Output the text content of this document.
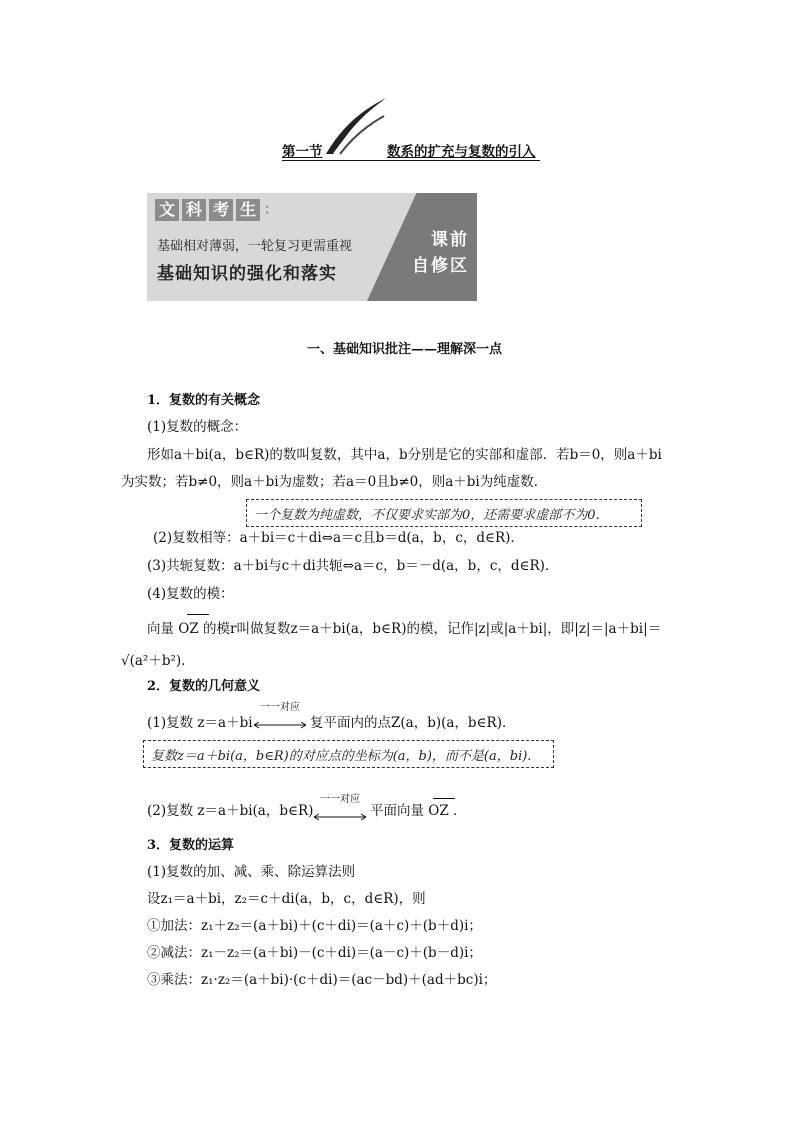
第一节	数系的扩充与复数的引入
文 科 考 生 ：
基础相对薄弱，一轮复习更需重视
基础知识的强化和落实
课前
自修区
一、基础知识批注——理解深一点
1．复数的有关概念
(1)复数的概念：
形如a＋bi(a，b∈R)的数叫复数，其中a，b分别是它的实部和虚部．若b＝0，则a＋bi
为实数；若b≠0，则a＋bi为虚数；若a＝0且b≠0，则a＋bi为纯虚数．
一个复数为纯虚数，不仅要求实部为0，还需要求虚部不为0.
(2)复数相等：a＋bi＝c＋di⇔a＝c且b＝d(a，b，c，d∈R)．
(3)共轭复数：a＋bi与c＋di共轭⇔a＝c，b＝－d(a，b，c，d∈R)．
(4)复数的模：
向量 OZ 的模r叫做复数z＝a＋bi(a，b∈R)的模，记作|z|或|a＋bi|，即|z|＝|a＋bi|＝
√(a²＋b²).
2．复数的几何意义
(1)复数 z＝a＋bi
一一对应
复平面内的点Z(a，b)(a，b∈R)．
复数z＝a＋bi(a，b∈R)的对应点的坐标为(a，b)，而不是(a，bi).
(2)复数 z＝a＋bi(a，b∈R)
一一对应
平面向量 OZ ．
3．复数的运算
(1)复数的加、减、乘、除运算法则
设z₁＝a＋bi，z₂＝c＋di(a，b，c，d∈R)，则
①加法：z₁＋z₂＝(a＋bi)＋(c＋di)＝(a＋c)＋(b＋d)i；
②减法：z₁－z₂＝(a＋bi)－(c＋di)＝(a－c)＋(b－d)i；
③乘法：z₁·z₂＝(a＋bi)·(c＋di)＝(ac－bd)＋(ad＋bc)i；
